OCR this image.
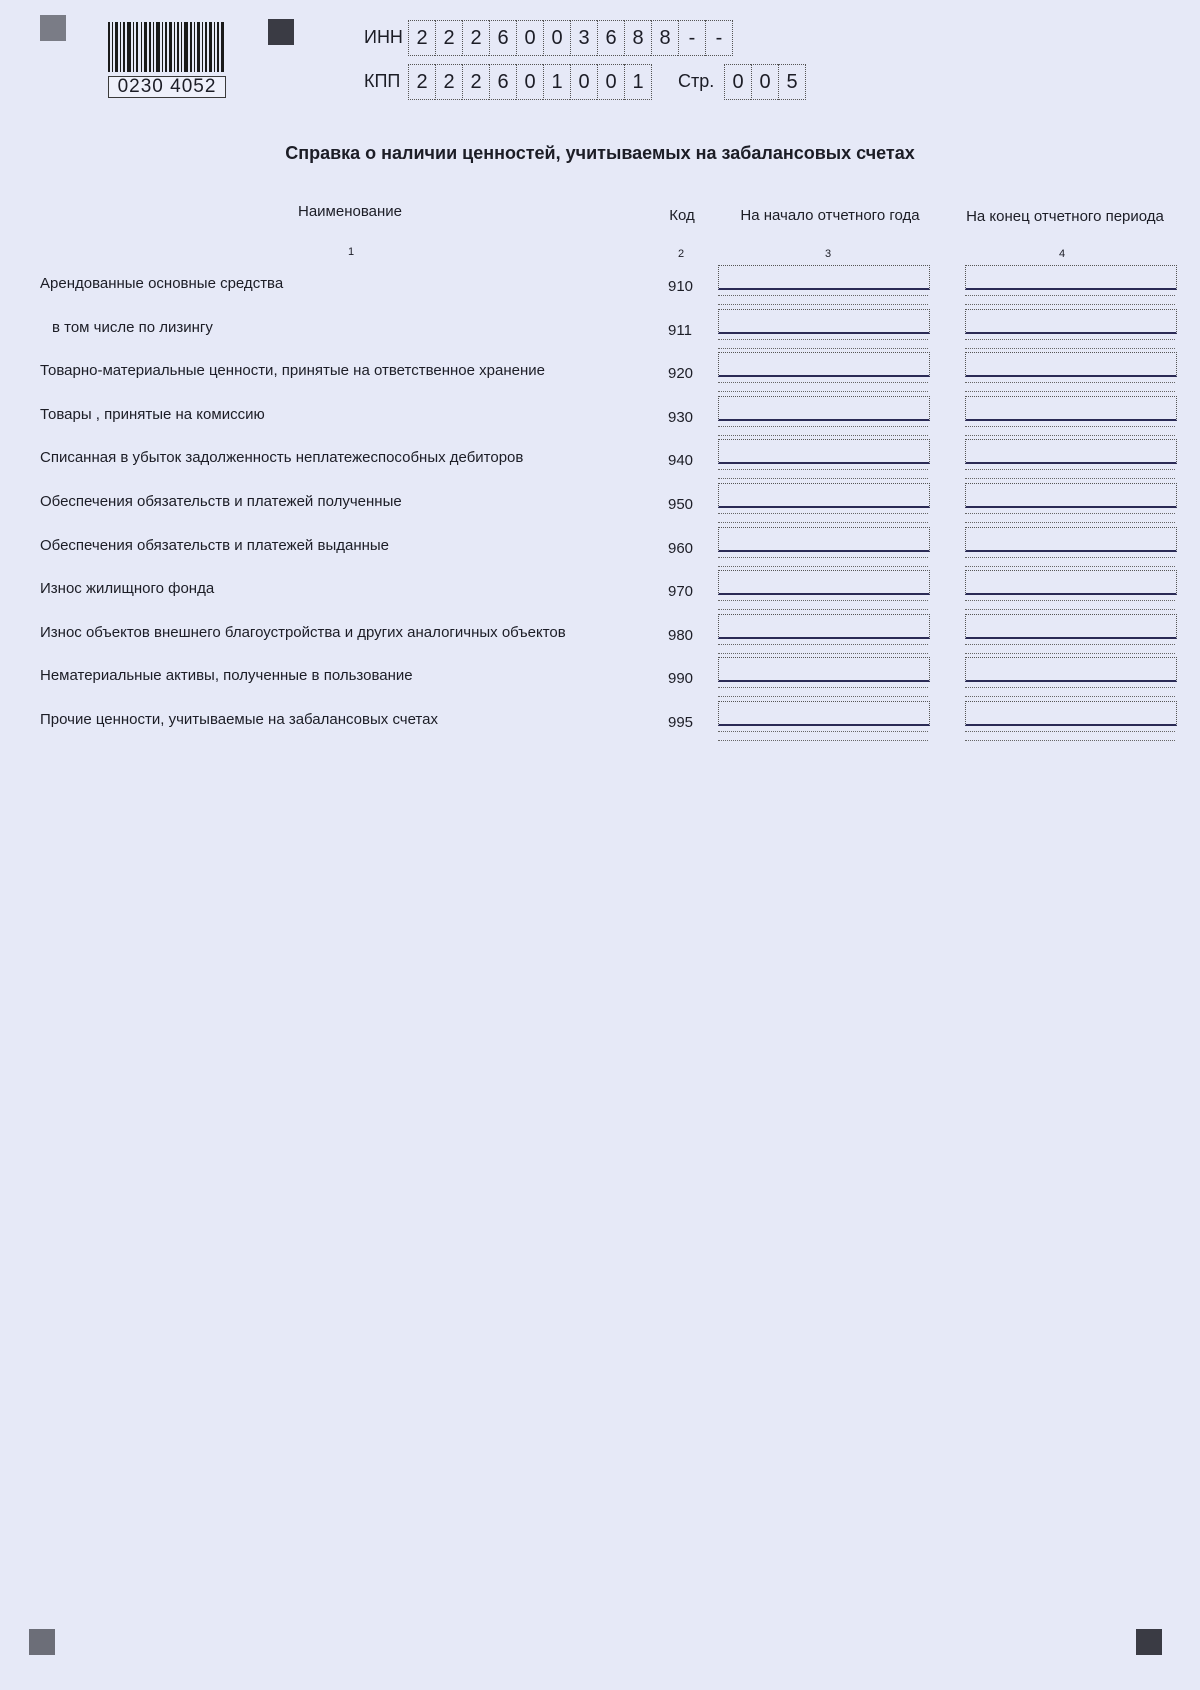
0230 4052
ИНН 2 2 2 6 0 0 3 6 8 8 -	-
КПП 2 2 2 6 0 1 0 0 1	Стр. 0 0 5
Справка о наличии ценностей, учитываемых на забалансовых счетах
Наименование	Код	На начало отчетного года	На конец отчетного периода
1	2	3	4
Арендованные основные средства	910
в том числе по лизингу	911
Товарно-материальные ценности, принятые на ответственное хранение	920
Товары , принятые на комиссию	930
Списанная в убыток задолженность неплатежеспособных дебиторов	940
Обеспечения обязательств и платежей полученные	950
Обеспечения обязательств и платежей выданные	960
Износ жилищного фонда	970
Износ объектов внешнего благоустройства и других аналогичных объектов	980
Нематериальные активы, полученные в пользование	990
Прочие ценности, учитываемые на забалансовых счетах	995
